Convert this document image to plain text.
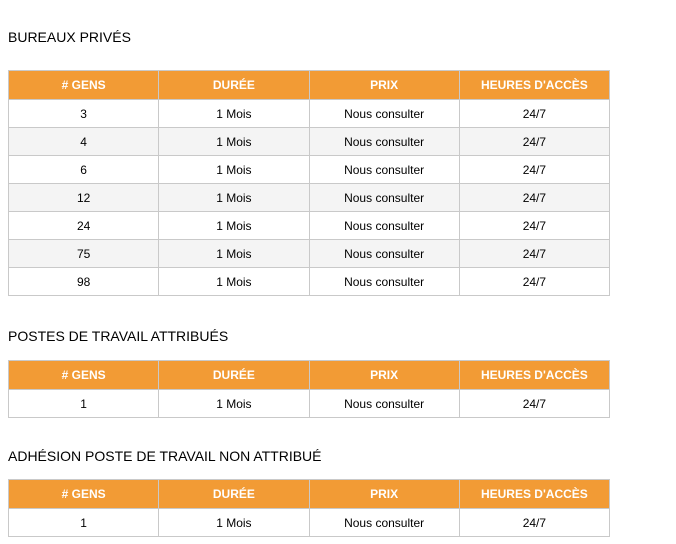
BUREAUX PRIVÉS
# GENS	DURÉE	PRIX	HEURES D'ACCÈS
3	1 Mois	Nous consulter	24/7
4	1 Mois	Nous consulter	24/7
6	1 Mois	Nous consulter	24/7
12	1 Mois	Nous consulter	24/7
24	1 Mois	Nous consulter	24/7
75	1 Mois	Nous consulter	24/7
98	1 Mois	Nous consulter	24/7
POSTES DE TRAVAIL ATTRIBUÉS
# GENS	DURÉE	PRIX	HEURES D'ACCÈS
1	1 Mois	Nous consulter	24/7
ADHÉSION POSTE DE TRAVAIL NON ATTRIBUÉ
# GENS	DURÉE	PRIX	HEURES D'ACCÈS
1	1 Mois	Nous consulter	24/7
